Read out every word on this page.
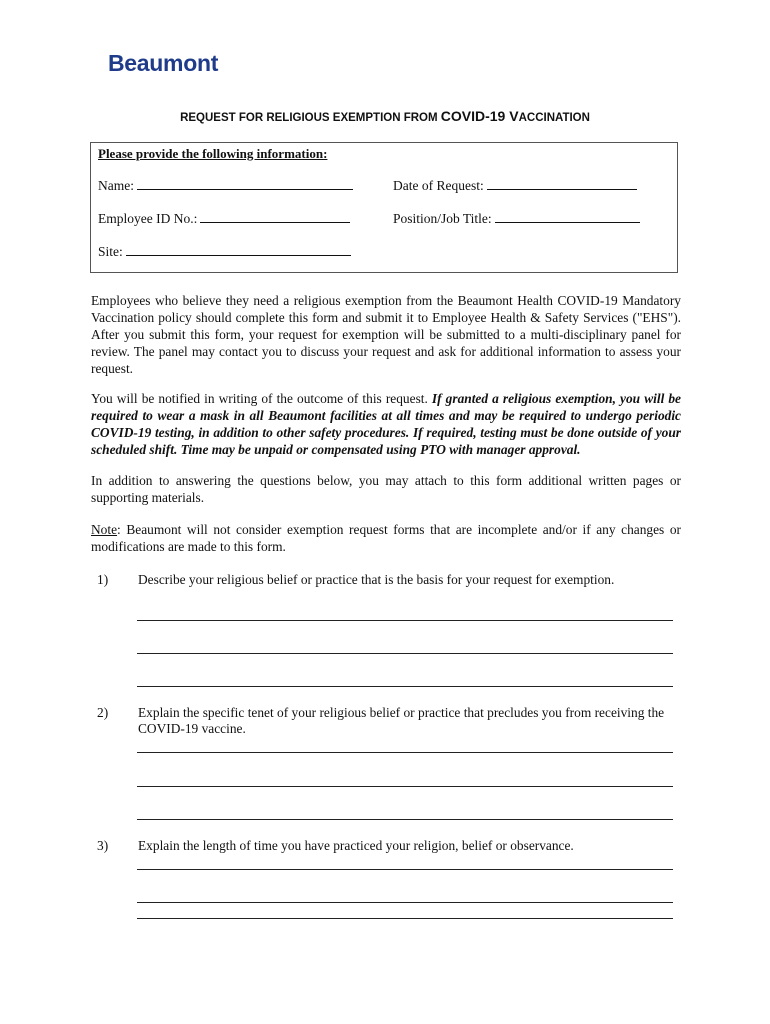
Beaumont
REQUEST FOR RELIGIOUS EXEMPTION FROM COVID-19 VACCINATION
Please provide the following information:
Name:	Date of Request:
Employee ID No.:	Position/Job Title:
Site:

Employees who believe they need a religious exemption from the Beaumont Health COVID-19 Mandatory Vaccination policy should complete this form and submit it to Employee Health & Safety Services ("EHS"). After you submit this form, your request for exemption will be submitted to a multi-disciplinary panel for review. The panel may contact you to discuss your request and ask for additional information to assess your request.

You will be notified in writing of the outcome of this request. If granted a religious exemption, you will be required to wear a mask in all Beaumont facilities at all times and may be required to undergo periodic COVID-19 testing, in addition to other safety procedures. If required, testing must be done outside of your scheduled shift. Time may be unpaid or compensated using PTO with manager approval.

In addition to answering the questions below, you may attach to this form additional written pages or supporting materials.

Note: Beaumont will not consider exemption request forms that are incomplete and/or if any changes or modifications are made to this form.

1) Describe your religious belief or practice that is the basis for your request for exemption.

2) Explain the specific tenet of your religious belief or practice that precludes you from receiving the COVID-19 vaccine.

3) Explain the length of time you have practiced your religion, belief or observance.
